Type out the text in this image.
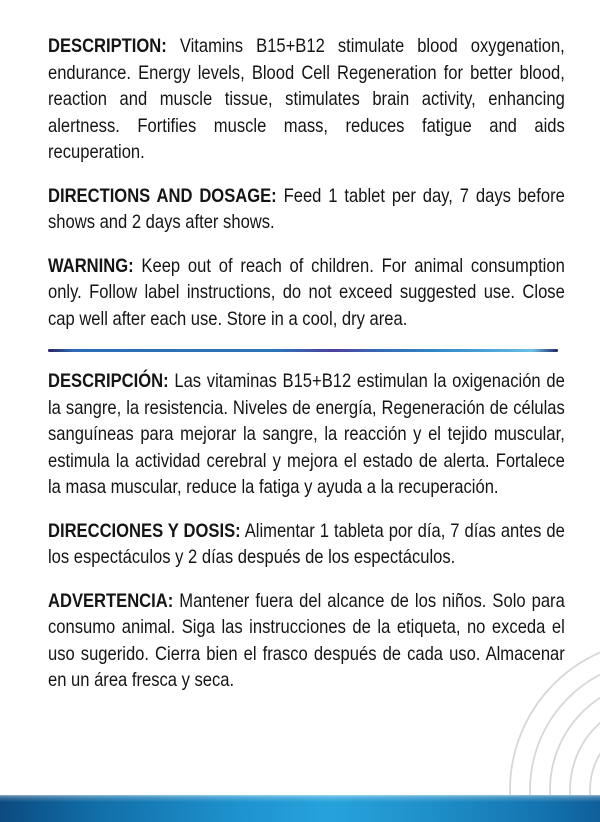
DESCRIPTION: Vitamins B15+B12 stimulate blood oxygenation, endurance. Energy levels, Blood Cell Regeneration for better blood, reaction and muscle tissue, stimulates brain activity, enhancing alertness. Fortifies muscle mass, reduces fatigue and aids recuperation.

DIRECTIONS AND DOSAGE: Feed 1 tablet per day, 7 days before shows and 2 days after shows.

WARNING: Keep out of reach of children. For animal consumption only. Follow label instructions, do not exceed suggested use. Close cap well after each use. Store in a cool, dry area.

DESCRIPCIÓN: Las vitaminas B15+B12 estimulan la oxigenación de la sangre, la resistencia. Niveles de energía, Regeneración de células sanguíneas para mejorar la sangre, la reacción y el tejido muscular, estimula la actividad cerebral y mejora el estado de alerta. Fortalece la masa muscular, reduce la fatiga y ayuda a la recuperación.

DIRECCIONES Y DOSIS: Alimentar 1 tableta por día, 7 días antes de los espectáculos y 2 días después de los espectáculos.

ADVERTENCIA: Mantener fuera del alcance de los niños. Solo para consumo animal. Siga las instrucciones de la etiqueta, no exceda el uso sugerido. Cierra bien el frasco después de cada uso. Almacenar en un área fresca y seca.
